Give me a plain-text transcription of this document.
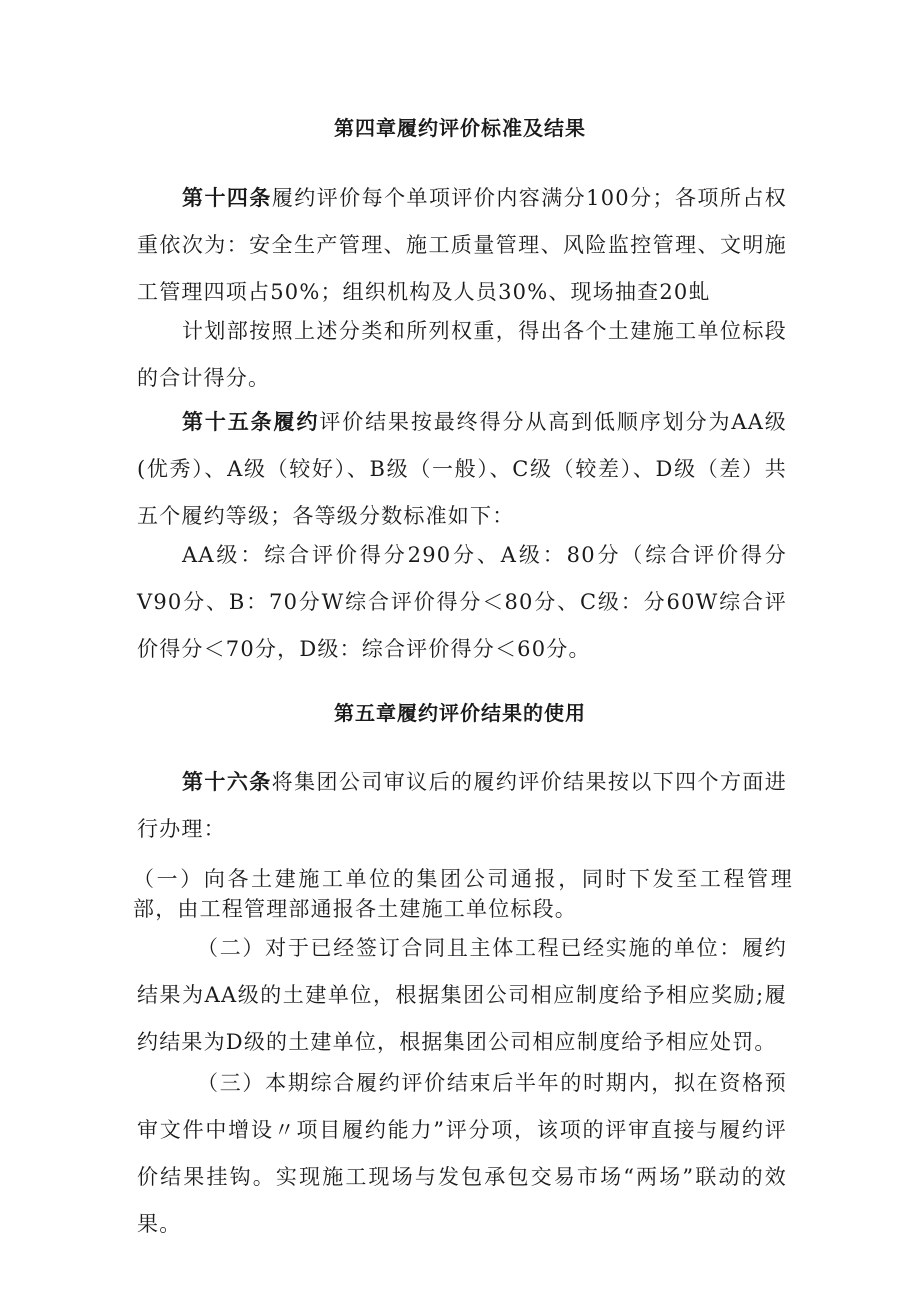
第四章履约评价标准及结果

第十四条履约评价每个单项评价内容满分100分；各项所占权重依次为：安全生产管理、施工质量管理、风险监控管理、文明施工管理四项占50%；组织机构及人员30%、现场抽查20虬

计划部按照上述分类和所列权重，得出各个土建施工单位标段的合计得分。

第十五条履约评价结果按最终得分从高到低顺序划分为AA级(优秀）、A级（较好）、B级（一般）、C级（较差）、D级（差）共五个履约等级；各等级分数标准如下：

AA级：综合评价得分290分、A级：80分（综合评价得分V90分、B：70分W综合评价得分＜80分、C级：分60W综合评价得分＜70分，D级：综合评价得分＜60分。

第五章履约评价结果的使用

第十六条将集团公司审议后的履约评价结果按以下四个方面进行办理：

（一）向各土建施工单位的集团公司通报，同时下发至工程管理部，由工程管理部通报各土建施工单位标段。

（二）对于已经签订合同且主体工程已经实施的单位：履约结果为AA级的土建单位，根据集团公司相应制度给予相应奖励;履约结果为D级的土建单位，根据集团公司相应制度给予相应处罚。

（三）本期综合履约评价结束后半年的时期内，拟在资格预审文件中增设〃项目履约能力”评分项，该项的评审直接与履约评价结果挂钩。实现施工现场与发包承包交易市场“两场”联动的效果。
